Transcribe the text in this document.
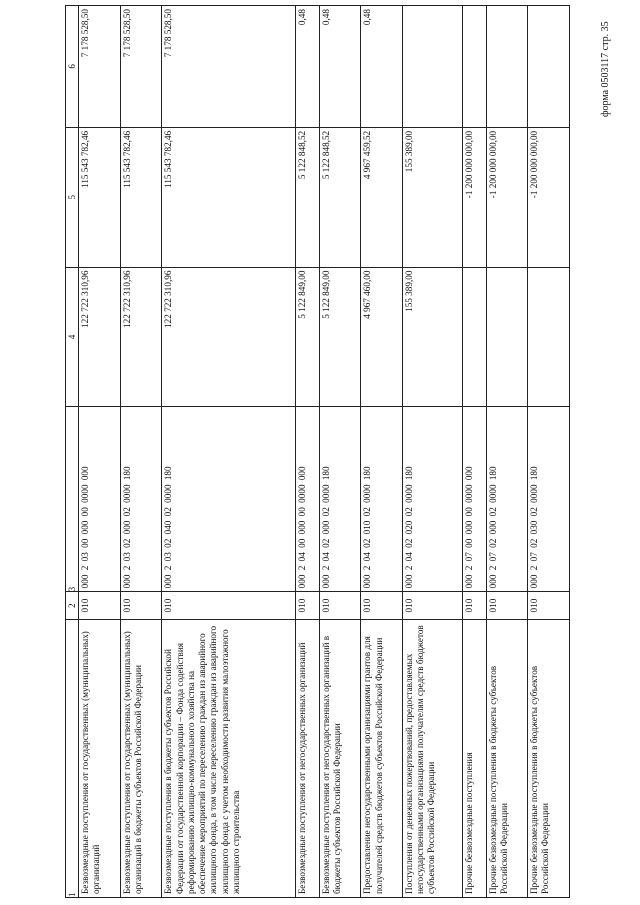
форма 0503117 стр. 35
1	2	3	4	5	6
Безвозмездные поступления от государственных (муниципальных) организаций	010	000 2 03 00 000 00 0000 000	122 722 310,96	115 543 782,46	7 178 528,50
Безвозмездные поступления от государственных (муниципальных) организаций в бюджеты субъектов Российской Федерации	010	000 2 03 02 000 02 0000 180	122 722 310,96	115 543 782,46	7 178 528,50
Безвозмездные поступления в бюджеты субъектов Российской Федерации от государственной корпорации – Фонда содействия реформированию жилищно-коммунального хозяйства на обеспечение мероприятий по переселению граждан из аварийного жилищного фонда, в том числе переселению граждан из аварийного жилищного фонда с учетом необходимости развития малоэтажного жилищного строительства	010	000 2 03 02 040 02 0000 180	122 722 310,96	115 543 782,46	7 178 528,50
Безвозмездные поступления от негосударственных организаций	010	000 2 04 00 000 00 0000 000	5 122 849,00	5 122 848,52	0,48
Безвозмездные поступления от негосударственных организаций в бюджеты субъектов Российской Федерации	010	000 2 04 02 000 02 0000 180	5 122 849,00	5 122 848,52	0,48
Предоставление негосударственными организациями грантов для получателей средств бюджетов субъектов Российской Федерации	010	000 2 04 02 010 02 0000 180	4 967 460,00	4 967 459,52	0,48
Поступления от денежных пожертвований, предоставляемых негосударственными организациями получателям средств бюджетов субъектов Российской Федерации	010	000 2 04 02 020 02 0000 180	155 389,00	155 389,00	
Прочие безвозмездные поступления	010	000 2 07 00 000 00 0000 000		-1 200 000 000,00	
Прочие безвозмездные поступления в бюджеты субъектов Российской Федерации	010	000 2 07 02 000 02 0000 180		-1 200 000 000,00	
Прочие безвозмездные поступления в бюджеты субъектов Российской Федерации	010	000 2 07 02 030 02 0000 180		-1 200 000 000,00	
